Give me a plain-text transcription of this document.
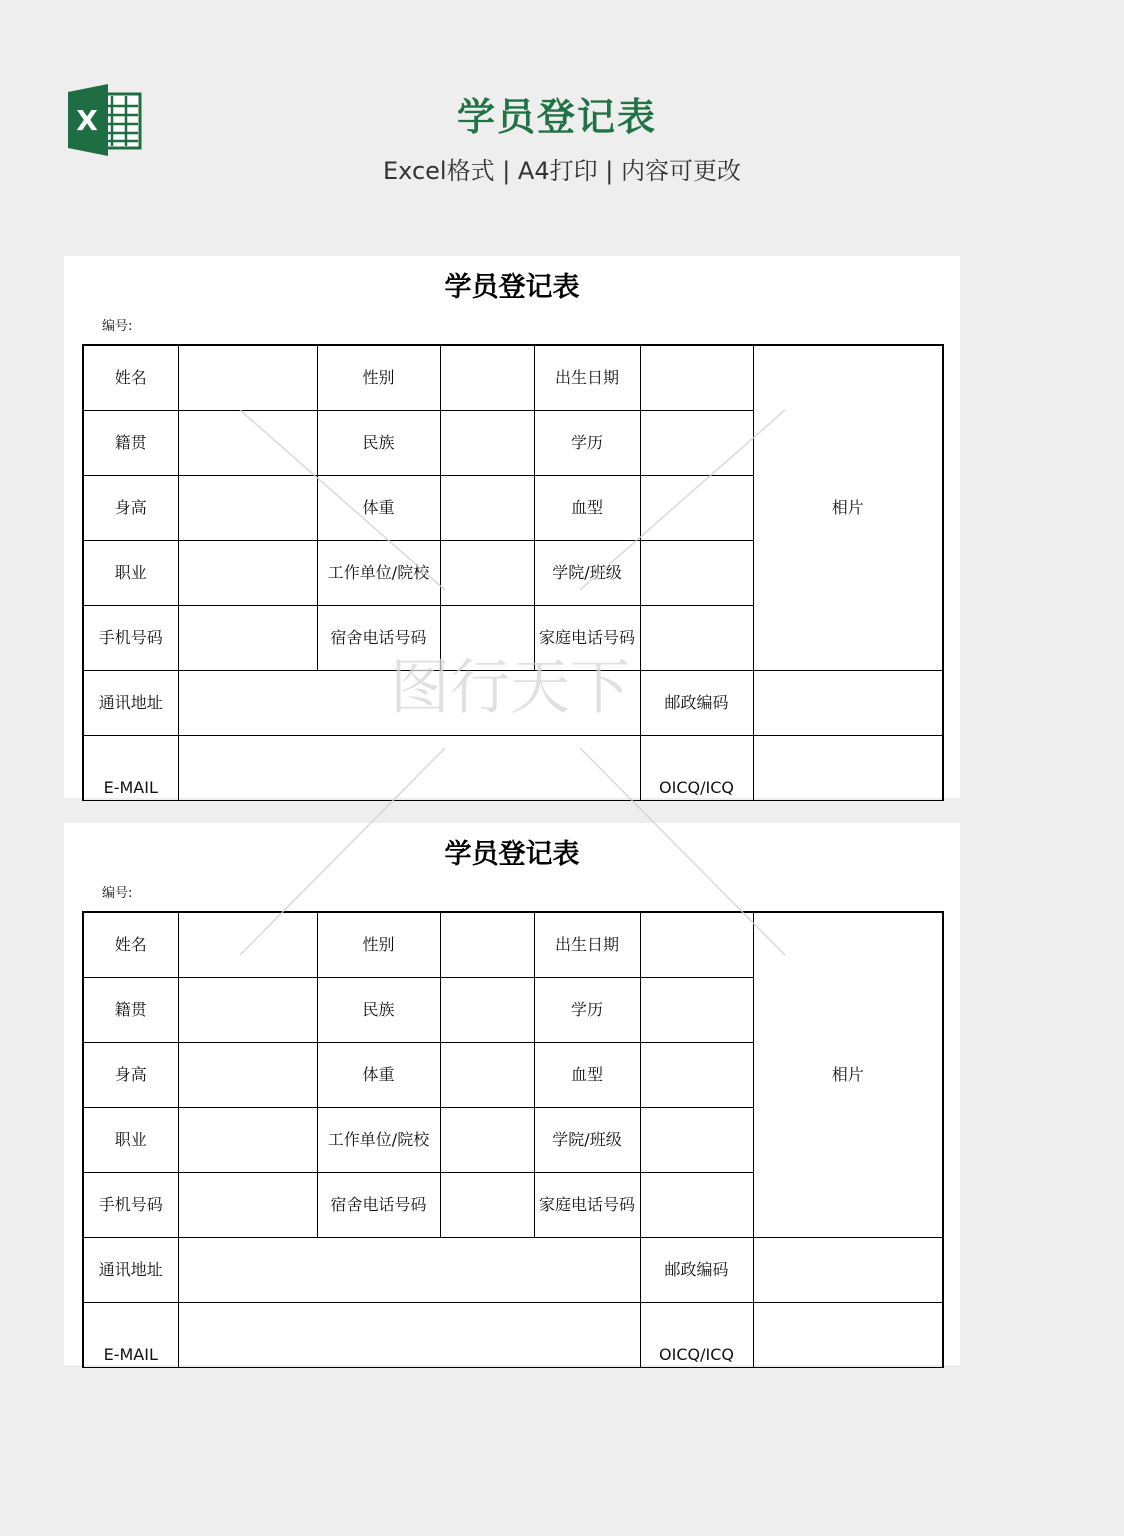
X	学员登记表
Excel格式 | A4打印 | 内容可更改
学员登记表
编号:
姓名		性别		出生日期		相片
籍贯		民族		学历		
身高		体重		血型		
职业		工作单位/院校		学院/班级		
手机号码		宿舍电话号码		家庭电话号码		
通讯地址					邮政编码	
E-MAIL					OICQ/ICQ	
学员登记表
编号:
姓名		性别		出生日期		相片
籍贯		民族		学历		
身高		体重		血型		
职业		工作单位/院校		学院/班级		
手机号码		宿舍电话号码		家庭电话号码		
通讯地址					邮政编码	
E-MAIL					OICQ/ICQ	
图行天下
